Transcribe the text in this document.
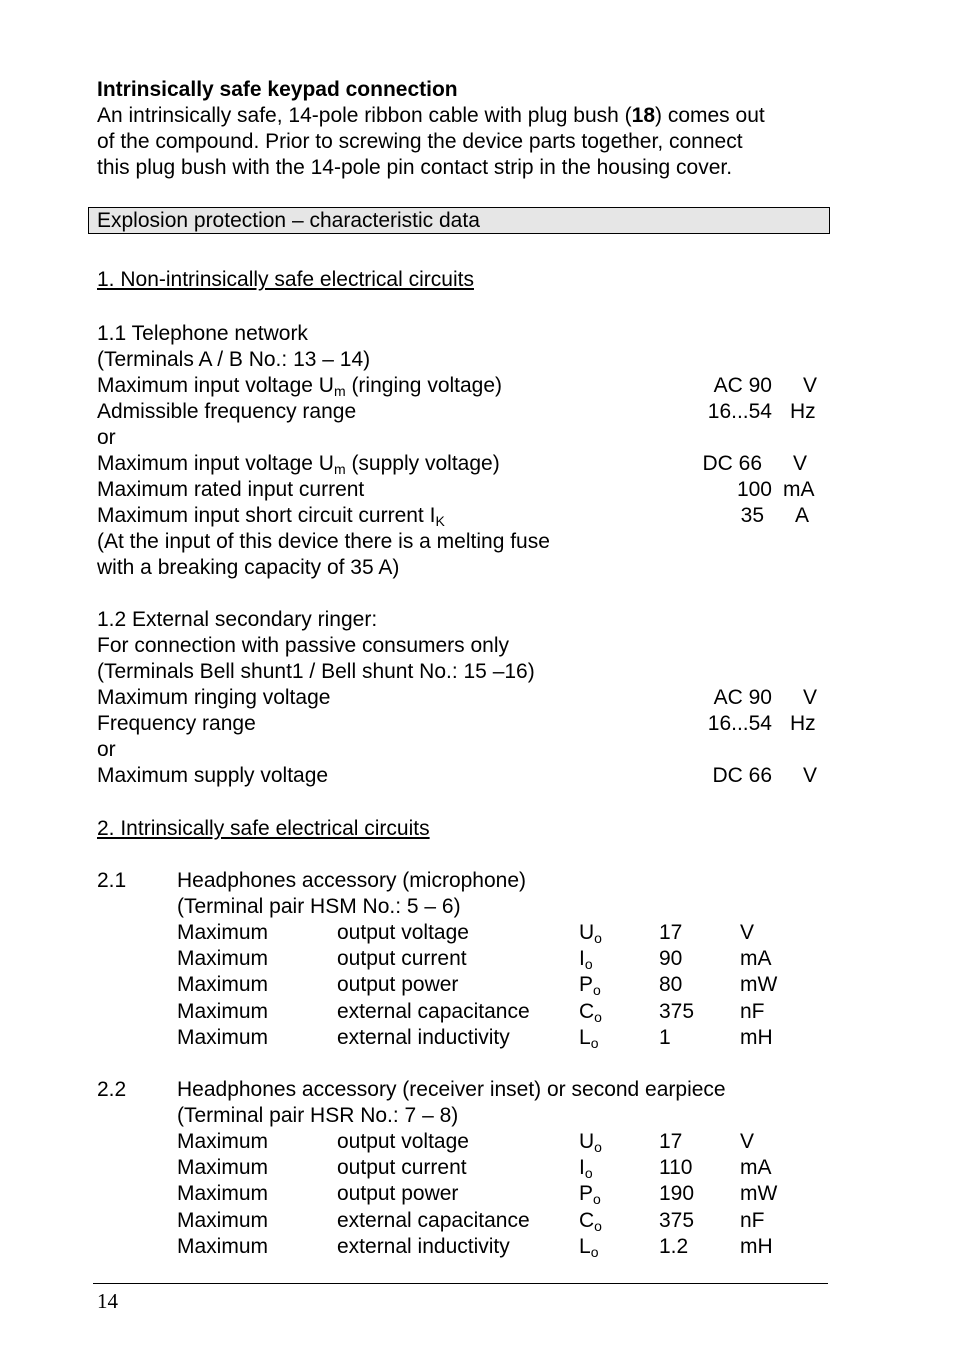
Intrinsically safe keypad connection
An intrinsically safe, 14-pole ribbon cable with plug bush (18) comes out
of the compound. Prior to screwing the device parts together, connect
this plug bush with the 14-pole pin contact strip in the housing cover.
Explosion protection – characteristic data
1. Non-intrinsically safe electrical circuits
1.1 Telephone network
(Terminals A / B No.: 13 – 14)
Maximum input voltage $U_m$ (ringing voltage)	AC 90 V
Admissible frequency range	16...54 Hz
or
Maximum input voltage $U_m$ (supply voltage)	DC 66 V
Maximum rated input current	100 mA
Maximum input short circuit current $I_K$	35 A
(At the input of this device there is a melting fuse
with a breaking capacity of 35 A)
1.2 External secondary ringer:
For connection with passive consumers only
(Terminals Bell shunt1 / Bell shunt No.: 15 –16)
Maximum ringing voltage	AC 90 V
Frequency range	16...54 Hz
or
Maximum supply voltage	DC 66 V
2. Intrinsically safe electrical circuits
2.1 Headphones accessory (microphone)
(Terminal pair HSM No.: 5 – 6)
Maximum	output voltage	$U_o$	17	V
Maximum	output current	$I_o$	90	mA
Maximum	output power	$P_o$	80	mW
Maximum	external capacitance $C_o$	375 nF
Maximum	external inductivity	$L_o$	1	mH
2.2 Headphones accessory (receiver inset) or second earpiece
(Terminal pair HSR No.: 7 – 8)
Maximum	output voltage	$U_o$	17	V
Maximum	output current	$I_o$	110 mA
Maximum	output power	$P_o$	190 mW
Maximum	external capacitance $C_o$	375 nF
Maximum	external inductivity	$L_o$	1.2 mH
14
